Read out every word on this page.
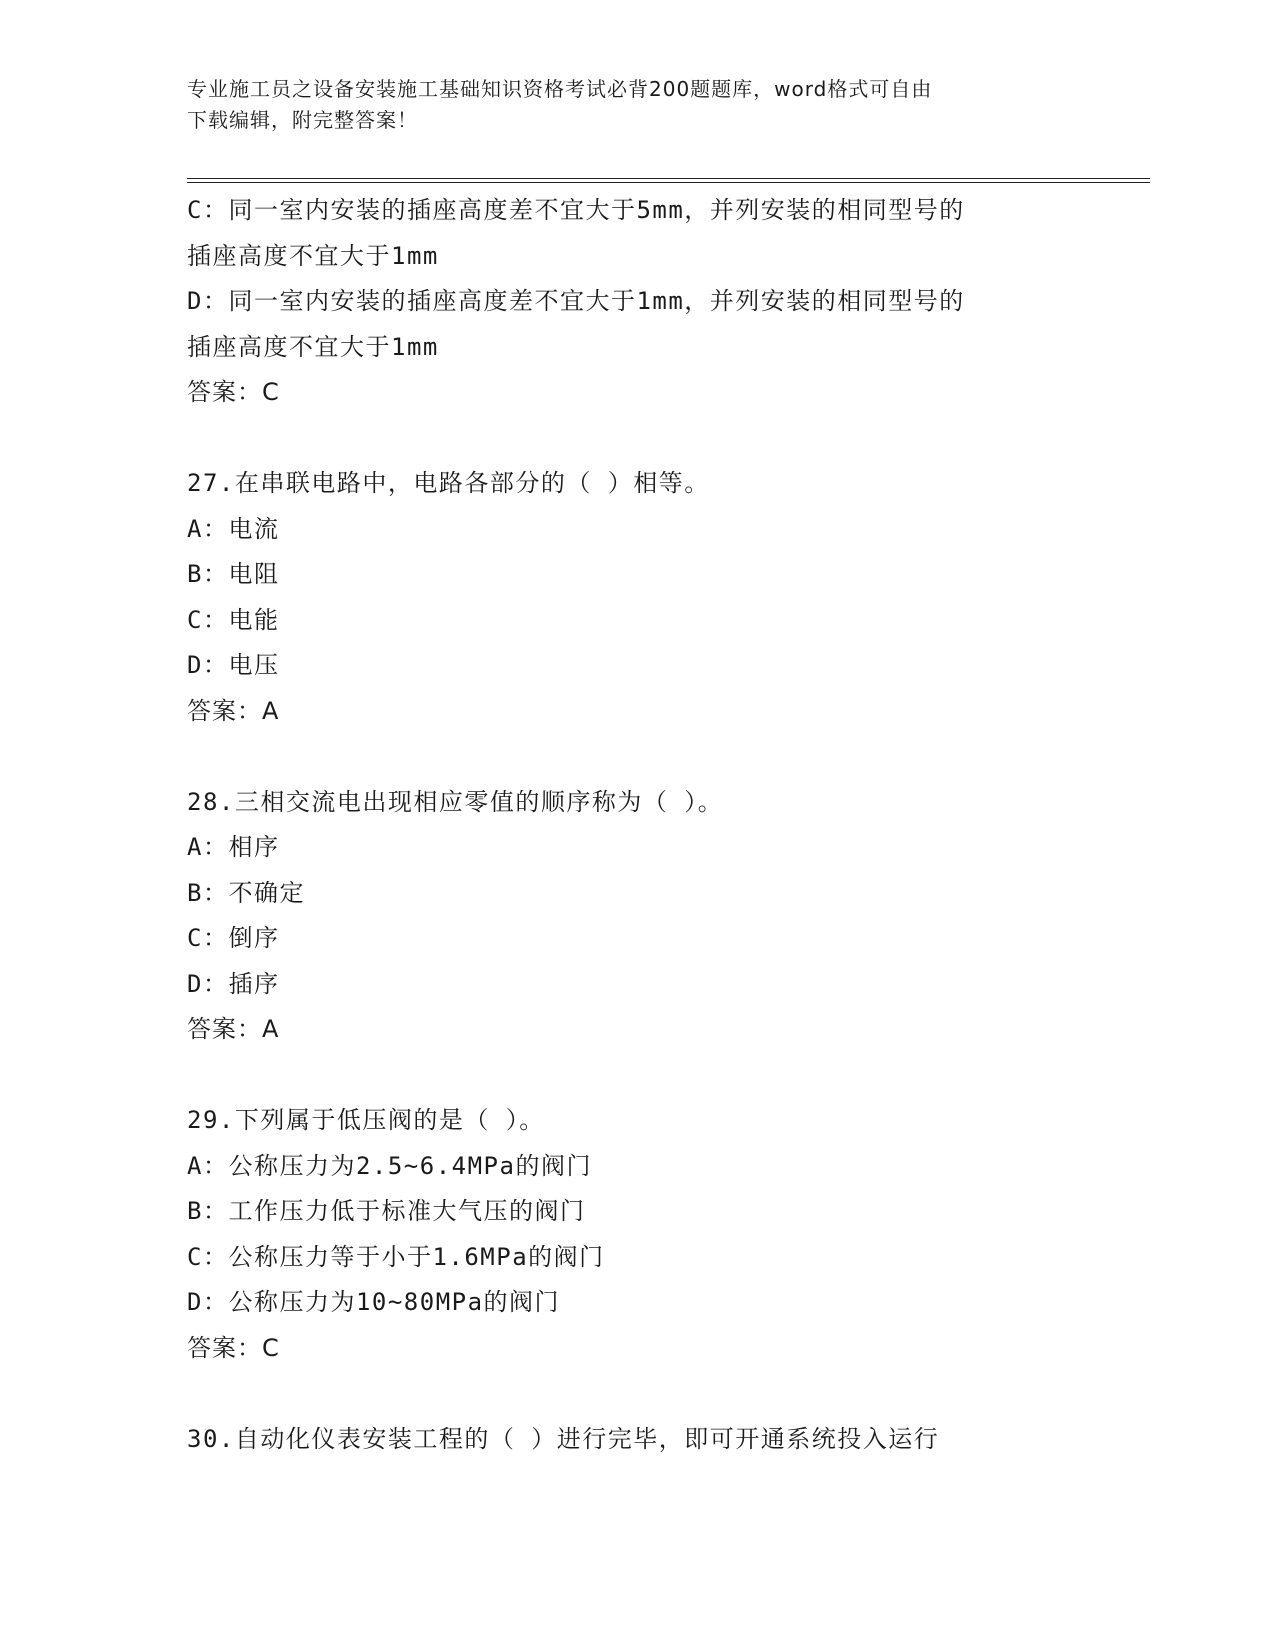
专业施工员之设备安装施工基础知识资格考试必背200题题库，word格式可自由
下载编辑，附完整答案！
C：同一室内安装的插座高度差不宜大于5mm，并列安装的相同型号的
插座高度不宜大于1mm
D：同一室内安装的插座高度差不宜大于1mm，并列安装的相同型号的
插座高度不宜大于1mm
答案：C
27.在串联电路中，电路各部分的（ ）相等。
A：电流
B：电阻
C：电能
D：电压
答案：A
28.三相交流电出现相应零值的顺序称为（ ）。
A：相序
B：不确定
C：倒序
D：插序
答案：A
29.下列属于低压阀的是（ ）。
A：公称压力为2.5~6.4MPa的阀门
B：工作压力低于标准大气压的阀门
C：公称压力等于小于1.6MPa的阀门
D：公称压力为10~80MPa的阀门
答案：C
30.自动化仪表安装工程的（ ）进行完毕，即可开通系统投入运行
